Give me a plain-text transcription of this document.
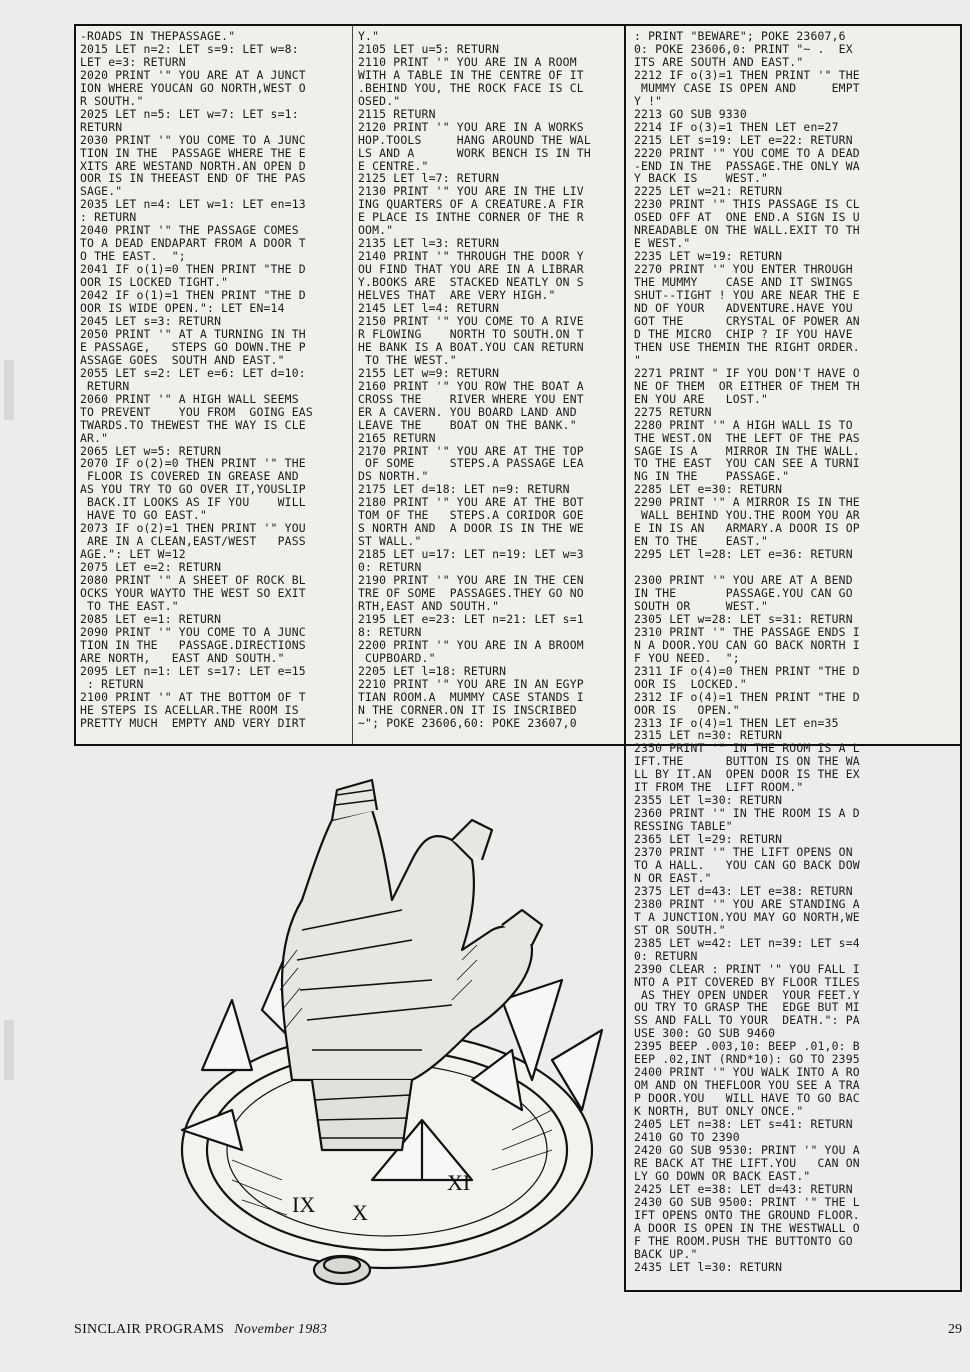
-ROADS IN THEPASSAGE."
2015 LET n=2: LET s=9: LET w=8:
LET e=3: RETURN
2020 PRINT '" YOU ARE AT A JUNCT
ION WHERE YOUCAN GO NORTH,WEST O
R SOUTH."
2025 LET n=5: LET w=7: LET s=1:
RETURN
2030 PRINT '" YOU COME TO A JUNC
TION IN THE  PASSAGE WHERE THE E
XITS ARE WESTAND NORTH.AN OPEN D
OOR IS IN THEEAST END OF THE PAS
SAGE."
2035 LET n=4: LET w=1: LET en=13
: RETURN
2040 PRINT '" THE PASSAGE COMES
TO A DEAD ENDAPART FROM A DOOR T
O THE EAST.  ";
2041 IF o(1)=0 THEN PRINT "THE D
OOR IS LOCKED TIGHT."
2042 IF o(1)=1 THEN PRINT "THE D
OOR IS WIDE OPEN.": LET EN=14
2045 LET s=3: RETURN
2050 PRINT '" AT A TURNING IN TH
E PASSAGE,   STEPS GO DOWN.THE P
ASSAGE GOES  SOUTH AND EAST."
2055 LET s=2: LET e=6: LET d=10:
RETURN
2060 PRINT '" A HIGH WALL SEEMS
TO PREVENT    YOU FROM  GOING EAS
TWARDS.TO THEWEST THE WAY IS CLE
AR."
2065 LET w=5: RETURN
2070 IF o(2)=0 THEN PRINT '" THE
FLOOR IS COVERED IN GREASE AND
AS YOU TRY TO GO OVER IT,YOUSLIP
BACK.IT LOOKS AS IF YOU    WILL
HAVE TO GO EAST."
2073 IF o(2)=1 THEN PRINT '" YOU
ARE IN A CLEAN,EAST/WEST   PASS
AGE.": LET W=12
2075 LET e=2: RETURN
2080 PRINT '" A SHEET OF ROCK BL
OCKS YOUR WAYTO THE WEST SO EXIT
TO THE EAST."
2085 LET e=1: RETURN
2090 PRINT '" YOU COME TO A JUNC
TION IN THE   PASSAGE.DIRECTIONS
ARE NORTH,   EAST AND SOUTH."
2095 LET n=1: LET s=17: LET e=15
: RETURN
2100 PRINT '" AT THE BOTTOM OF T
HE STEPS IS ACELLAR.THE ROOM IS
PRETTY MUCH  EMPTY AND VERY DIRT
Y."
2105 LET u=5: RETURN
2110 PRINT '" YOU ARE IN A ROOM
WITH A TABLE IN THE CENTRE OF IT
.BEHIND YOU, THE ROCK FACE IS CL
OSED."
2115 RETURN
2120 PRINT '" YOU ARE IN A WORKS
HOP.TOOLS     HANG AROUND THE WAL
LS AND A      WORK BENCH IS IN TH
E CENTRE."
2125 LET l=7: RETURN
2130 PRINT '" YOU ARE IN THE LIV
ING QUARTERS OF A CREATURE.A FIR
E PLACE IS INTHE CORNER OF THE R
OOM."
2135 LET l=3: RETURN
2140 PRINT '" THROUGH THE DOOR Y
OU FIND THAT YOU ARE IN A LIBRAR
Y.BOOKS ARE  STACKED NEATLY ON S
HELVES THAT  ARE VERY HIGH."
2145 LET l=4: RETURN
2150 PRINT '" YOU COME TO A RIVE
R FLOWING    NORTH TO SOUTH.ON T
HE BANK IS A BOAT.YOU CAN RETURN
TO THE WEST."
2155 LET w=9: RETURN
2160 PRINT '" YOU ROW THE BOAT A
CROSS THE    RIVER WHERE YOU ENT
ER A CAVERN. YOU BOARD LAND AND
LEAVE THE    BOAT ON THE BANK."
2165 RETURN
2170 PRINT '" YOU ARE AT THE TOP
OF SOME     STEPS.A PASSAGE LEA
DS NORTH."
2175 LET d=18: LET n=9: RETURN
2180 PRINT '" YOU ARE AT THE BOT
TOM OF THE   STEPS.A CORIDOR GOE
S NORTH AND  A DOOR IS IN THE WE
ST WALL."
2185 LET u=17: LET n=19: LET w=3
0: RETURN
2190 PRINT '" YOU ARE IN THE CEN
TRE OF SOME  PASSAGES.THEY GO NO
RTH,EAST AND SOUTH."
2195 LET e=23: LET n=21: LET s=1
8: RETURN
2200 PRINT '" YOU ARE IN A BROOM
CUPBOARD."
2205 LET l=18: RETURN
2210 PRINT '" YOU ARE IN AN EGYP
TIAN ROOM.A  MUMMY CASE STANDS I
N THE CORNER.ON IT IS INSCRIBED
~"; POKE 23606,60: POKE 23607,0
: PRINT "BEWARE"; POKE 23607,6
0: POKE 23606,0: PRINT "~ .  EX
ITS ARE SOUTH AND EAST."
2212 IF o(3)=1 THEN PRINT '" THE
MUMMY CASE IS OPEN AND     EMPT
Y !"
2213 GO SUB 9330
2214 IF o(3)=1 THEN LET en=27
2215 LET s=19: LET e=22: RETURN
2220 PRINT '" YOU COME TO A DEAD
-END IN THE  PASSAGE.THE ONLY WA
Y BACK IS    WEST."
2225 LET w=21: RETURN
2230 PRINT '" THIS PASSAGE IS CL
OSED OFF AT  ONE END.A SIGN IS U
NREADABLE ON THE WALL.EXIT TO TH
E WEST."
2235 LET w=19: RETURN
2270 PRINT '" YOU ENTER THROUGH
THE MUMMY    CASE AND IT SWINGS
SHUT--TIGHT ! YOU ARE NEAR THE E
ND OF YOUR   ADVENTURE.HAVE YOU
GOT THE      CRYSTAL OF POWER AN
D THE MICRO  CHIP ? IF YOU HAVE
THEN USE THEMIN THE RIGHT ORDER.
"
2271 PRINT " IF YOU DON'T HAVE O
NE OF THEM  OR EITHER OF THEM TH
EN YOU ARE   LOST."
2275 RETURN
2280 PRINT '" A HIGH WALL IS TO
THE WEST.ON  THE LEFT OF THE PAS
SAGE IS A    MIRROR IN THE WALL.
TO THE EAST  YOU CAN SEE A TURNI
NG IN THE    PASSAGE."
2285 LET e=30: RETURN
2290 PRINT '" A MIRROR IS IN THE
WALL BEHIND YOU.THE ROOM YOU AR
E IN IS AN   ARMARY.A DOOR IS OP
EN TO THE    EAST."
2295 LET l=28: LET e=36: RETURN

2300 PRINT '" YOU ARE AT A BEND
IN THE       PASSAGE.YOU CAN GO
SOUTH OR     WEST."
2305 LET w=28: LET s=31: RETURN
2310 PRINT '" THE PASSAGE ENDS I
N A DOOR.YOU CAN GO BACK NORTH I
F YOU NEED.  ";
2311 IF o(4)=0 THEN PRINT "THE D
OOR IS  LOCKED."
2312 IF o(4)=1 THEN PRINT "THE D
OOR IS   OPEN."
2313 IF o(4)=1 THEN LET en=35
2315 LET n=30: RETURN
2350 PRINT '" IN THE ROOM IS A L
IFT.THE      BUTTON IS ON THE WA
LL BY IT.AN  OPEN DOOR IS THE EX
IT FROM THE  LIFT ROOM."
2355 LET l=30: RETURN
2360 PRINT '" IN THE ROOM IS A D
RESSING TABLE"
2365 LET l=29: RETURN
2370 PRINT '" THE LIFT OPENS ON
TO A HALL.   YOU CAN GO BACK DOW
N OR EAST."
2375 LET d=43: LET e=38: RETURN
2380 PRINT '" YOU ARE STANDING A
T A JUNCTION.YOU MAY GO NORTH,WE
ST OR SOUTH."
2385 LET w=42: LET n=39: LET s=4
0: RETURN
2390 CLEAR : PRINT '" YOU FALL I
NTO A PIT COVERED BY FLOOR TILES
AS THEY OPEN UNDER  YOUR FEET.Y
OU TRY TO GRASP THE  EDGE BUT MI
SS AND FALL TO YOUR  DEATH.": PA
USE 300: GO SUB 9460
2395 BEEP .003,10: BEEP .01,0: B
EEP .02,INT (RND*10): GO TO 2395
2400 PRINT '" YOU WALK INTO A RO
OM AND ON THEFLOOR YOU SEE A TRA
P DOOR.YOU   WILL HAVE TO GO BAC
K NORTH, BUT ONLY ONCE."
2405 LET n=38: LET s=41: RETURN
2410 GO TO 2390
2420 GO SUB 9530: PRINT '" YOU A
RE BACK AT THE LIFT.YOU   CAN ON
LY GO DOWN OR BACK EAST."
2425 LET e=38: LET d=43: RETURN
2430 GO SUB 9500: PRINT '" THE L
IFT OPENS ONTO THE GROUND FLOOR.
A DOOR IS OPEN IN THE WESTWALL O
F THE ROOM.PUSH THE BUTTONTO GO
BACK UP."
2435 LET l=30: RETURN
IX X
XI
SINCLAIR PROGRAMS November 1983	29
